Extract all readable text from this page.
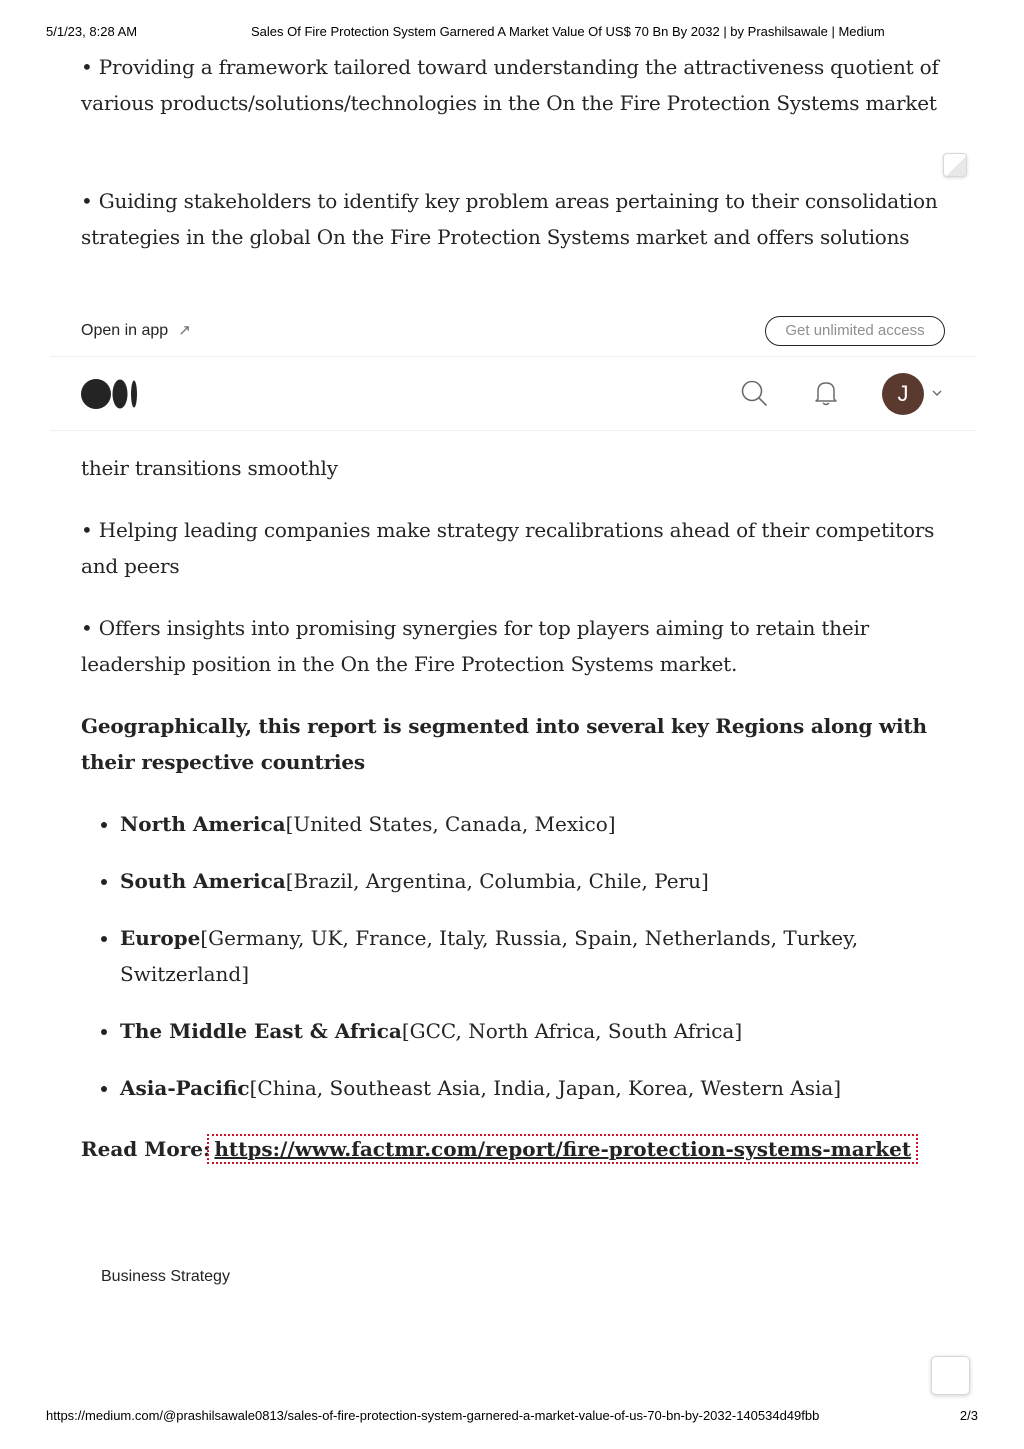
5/1/23, 8:28 AM	Sales Of Fire Protection System Garnered A Market Value Of US$ 70 Bn By 2032 | by Prashilsawale | Medium

• Providing a framework tailored toward understanding the attractiveness quotient of various products/solutions/technologies in the On the Fire Protection Systems market

• Guiding stakeholders to identify key problem areas pertaining to their consolidation strategies in the global On the Fire Protection Systems market and offers solutions

Open in app ↗	Get unlimited access
J

their transitions smoothly

• Helping leading companies make strategy recalibrations ahead of their competitors and peers

• Offers insights into promising synergies for top players aiming to retain their leadership position in the On the Fire Protection Systems market.

Geographically, this report is segmented into several key Regions along with their respective countries

• North America[United States, Canada, Mexico]
• South America[Brazil, Argentina, Columbia, Chile, Peru]
• Europe[Germany, UK, France, Italy, Russia, Spain, Netherlands, Turkey, Switzerland]
• The Middle East & Africa[GCC, North Africa, South Africa]
• Asia-Pacific[China, Southeast Asia, India, Japan, Korea, Western Asia]
Read More: https://www.factmr.com/report/fire-protection-systems-market
Business Strategy
https://medium.com/@prashilsawale0813/sales-of-fire-protection-system-garnered-a-market-value-of-us-70-bn-by-2032-140534d49fbb	2/3
